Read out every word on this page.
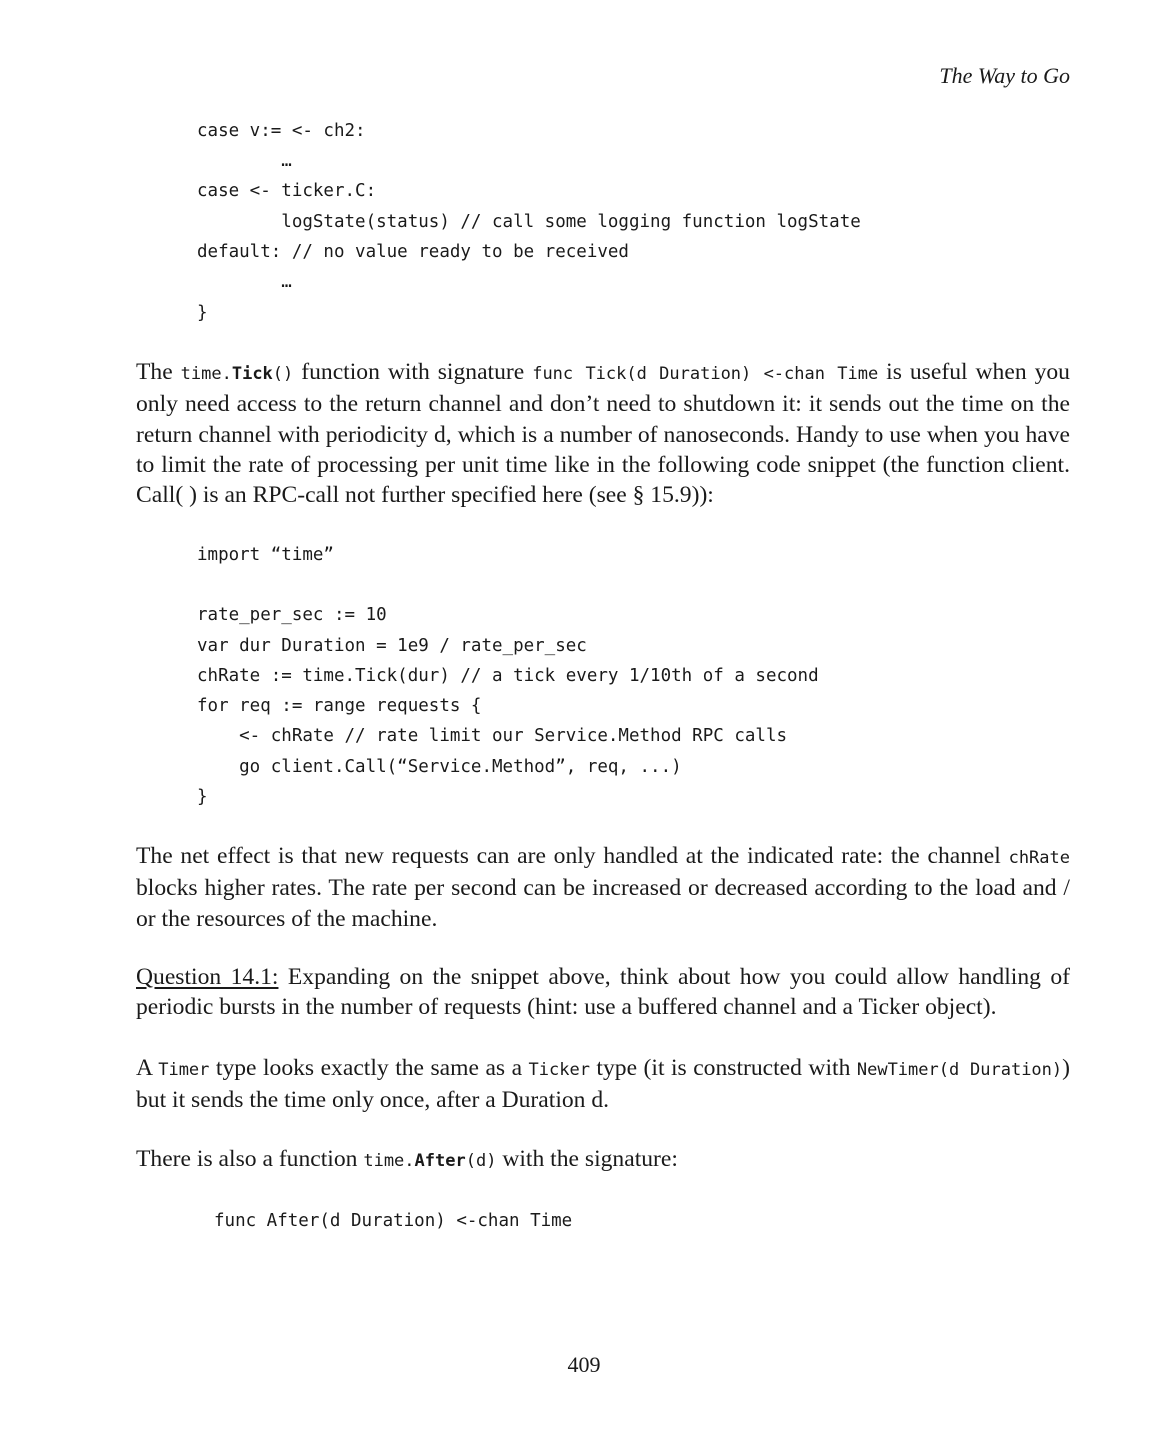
The Way to Go
case v:= <- ch2:
…
case <- ticker.C:
logState(status) // call some logging function logState
default: // no value ready to be received
…
}

The time.Tick() function with signature func Tick(d Duration) <-chan Time is useful when you only need access to the return channel and don’t need to shutdown it: it sends out the time on the return channel with periodicity d, which is a number of nanoseconds. Handy to use when you have to limit the rate of processing per unit time like in the following code snippet (the function client. Call( ) is an RPC-call not further specified here (see § 15.9)):

import “time”
rate_per_sec := 10
var dur Duration = 1e9 / rate_per_sec
chRate := time.Tick(dur) // a tick every 1/10th of a second
for req := range requests {
<- chRate // rate limit our Service.Method RPC calls
go client.Call(“Service.Method”, req, ...)
}

The net effect is that new requests can are only handled at the indicated rate: the channel chRate blocks higher rates. The rate per second can be increased or decreased according to the load and / or the resources of the machine.

Question 14.1: Expanding on the snippet above, think about how you could allow handling of periodic bursts in the number of requests (hint: use a buffered channel and a Ticker object).

A Timer type looks exactly the same as a Ticker type (it is constructed with NewTimer(d Duration)) but it sends the time only once, after a Duration d.

There is also a function time.After(d) with the signature:

func After(d Duration) <-chan Time
409
